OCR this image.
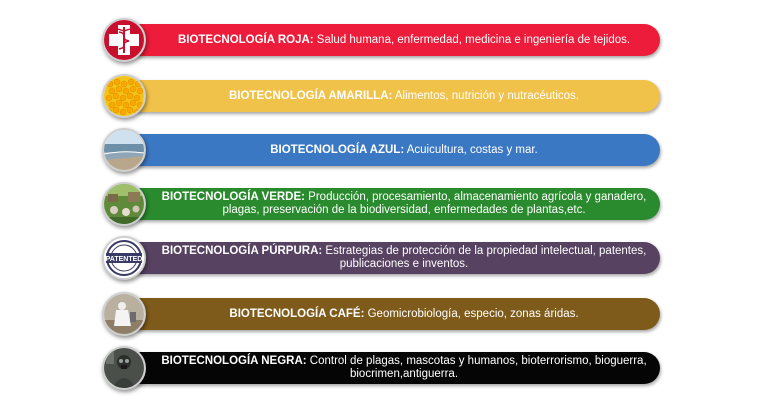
BIOTECNOLOGÍA ROJA: Salud humana, enfermedad, medicina e ingeniería de tejidos.
BIOTECNOLOGÍA AMARILLA: Alimentos, nutrición y nutracéuticos.
BIOTECNOLOGÍA AZUL: Acuicultura, costas y mar.
BIOTECNOLOGÍA VERDE: Producción, procesamiento, almacenamiento agrícola y ganadero, plagas, preservación de la biodiversidad, enfermedades de plantas,etc.
BIOTECNOLOGÍA PÚRPURA: Estrategias de protección de la propiedad intelectual, patentes, publicaciones e inventos.
PATENTED
BIOTECNOLOGÍA CAFÉ: Geomicrobiología, especio, zonas áridas.
BIOTECNOLOGÍA NEGRA: Control de plagas, mascotas y humanos, bioterrorismo, bioguerra, biocrimen,antiguerra.
